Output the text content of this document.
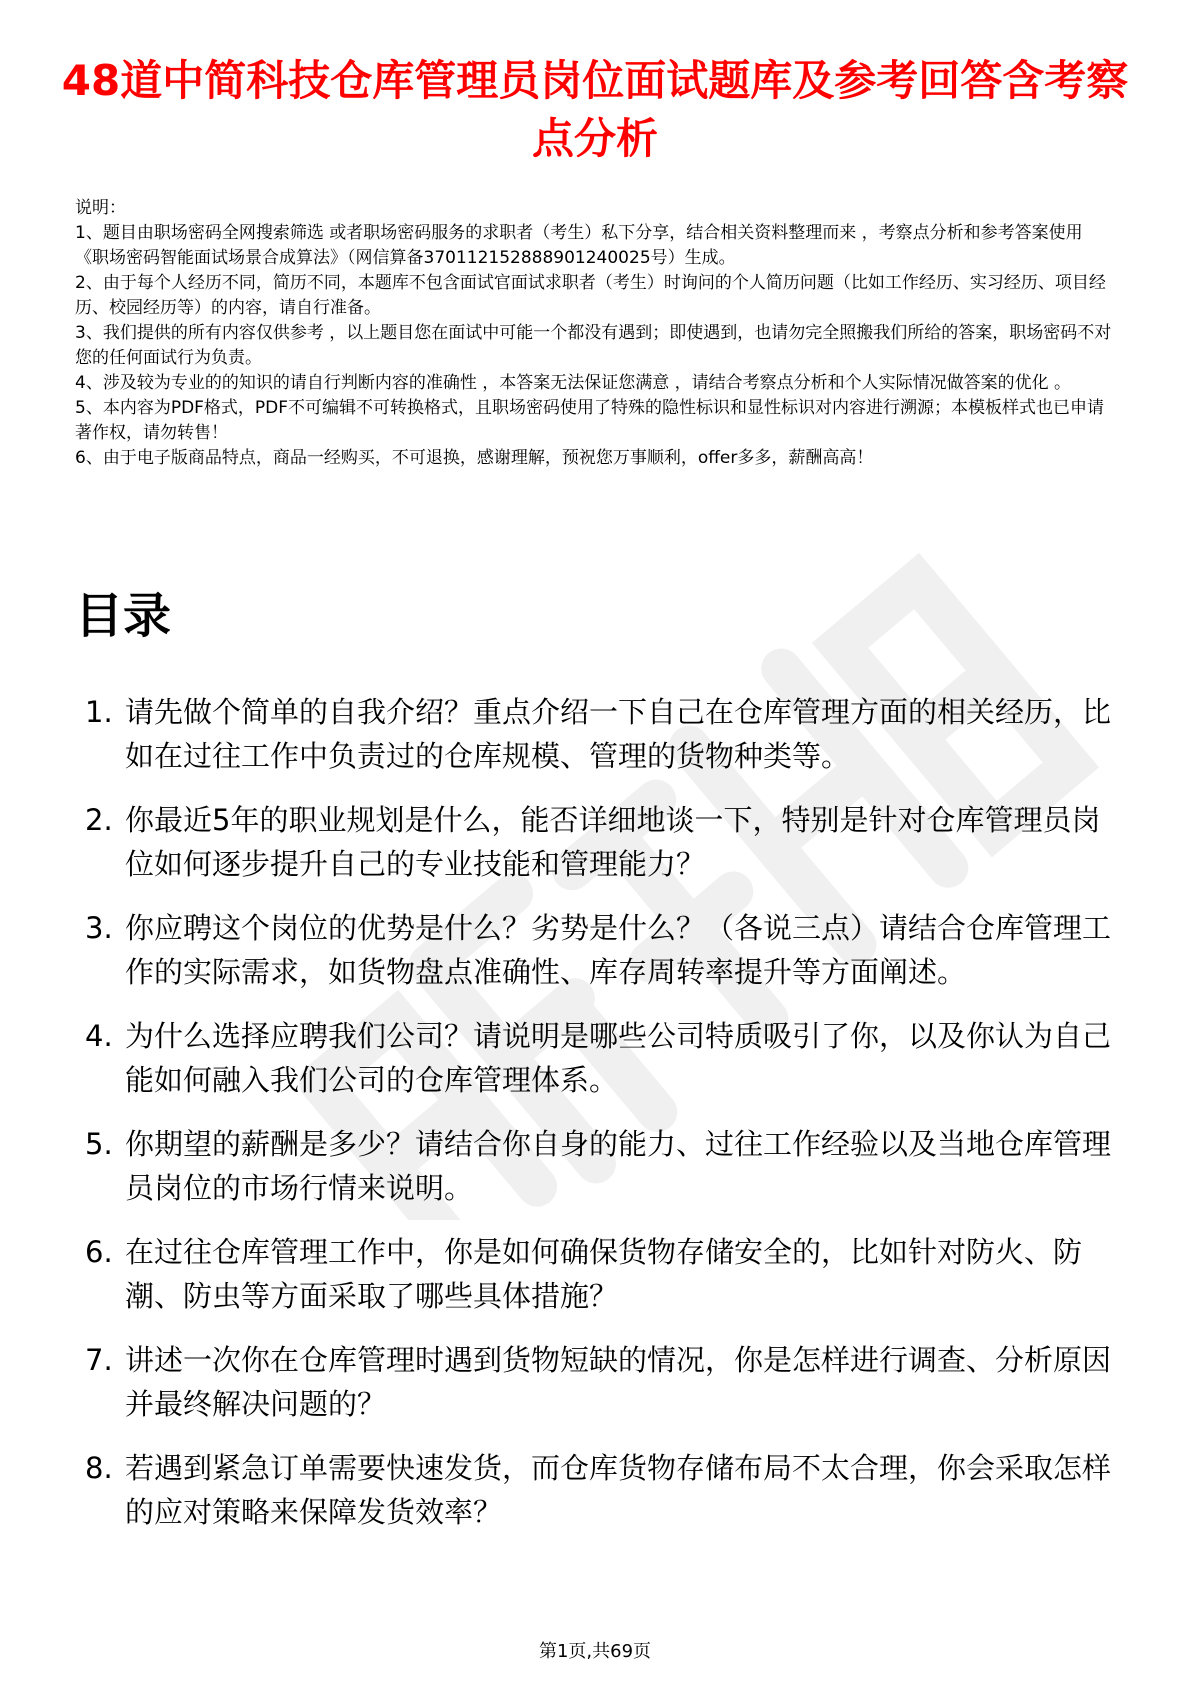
48道中简科技仓库管理员岗位面试题库及参考回答含考察点分析
说明：
1、题目由职场密码全网搜索筛选 或者职场密码服务的求职者（考生）私下分享，结合相关资料整理而来 ，考察点分析和参考答案使用《职场密码智能面试场景合成算法》（网信算备370112152888901240025号）生成。
2、由于每个人经历不同，简历不同，本题库不包含面试官面试求职者（考生）时询问的个人简历问题（比如工作经历、实习经历、项目经历、校园经历等）的内容，请自行准备。
3、我们提供的所有内容仅供参考 ，以上题目您在面试中可能一个都没有遇到；即使遇到，也请勿完全照搬我们所给的答案，职场密码不对您的任何面试行为负责。
4、涉及较为专业的的知识的请自行判断内容的准确性 ，本答案无法保证您满意 ，请结合考察点分析和个人实际情况做答案的优化 。
5、本内容为PDF格式，PDF不可编辑不可转换格式，且职场密码使用了特殊的隐性标识和显性标识对内容进行溯源；本模板样式也已申请著作权，请勿转售！
6、由于电子版商品特点，商品一经购买，不可退换，感谢理解，预祝您万事顺利，offer多多，薪酬高高！
目录
1. 请先做个简单的自我介绍？重点介绍一下自己在仓库管理方面的相关经历，比如在过往工作中负责过的仓库规模、管理的货物种类等。
2. 你最近5年的职业规划是什么，能否详细地谈一下，特别是针对仓库管理员岗位如何逐步提升自己的专业技能和管理能力？
3. 你应聘这个岗位的优势是什么？劣势是什么？（各说三点）请结合仓库管理工作的实际需求，如货物盘点准确性、库存周转率提升等方面阐述。
4. 为什么选择应聘我们公司？请说明是哪些公司特质吸引了你，以及你认为自己能如何融入我们公司的仓库管理体系。
5. 你期望的薪酬是多少？请结合你自身的能力、过往工作经验以及当地仓库管理员岗位的市场行情来说明。
6. 在过往仓库管理工作中，你是如何确保货物存储安全的，比如针对防火、防潮、防虫等方面采取了哪些具体措施？
7. 讲述一次你在仓库管理时遇到货物短缺的情况，你是怎样进行调查、分析原因并最终解决问题的？
8. 若遇到紧急订单需要快速发货，而仓库货物存储布局不太合理，你会采取怎样的应对策略来保障发货效率？
第1页,共69页
